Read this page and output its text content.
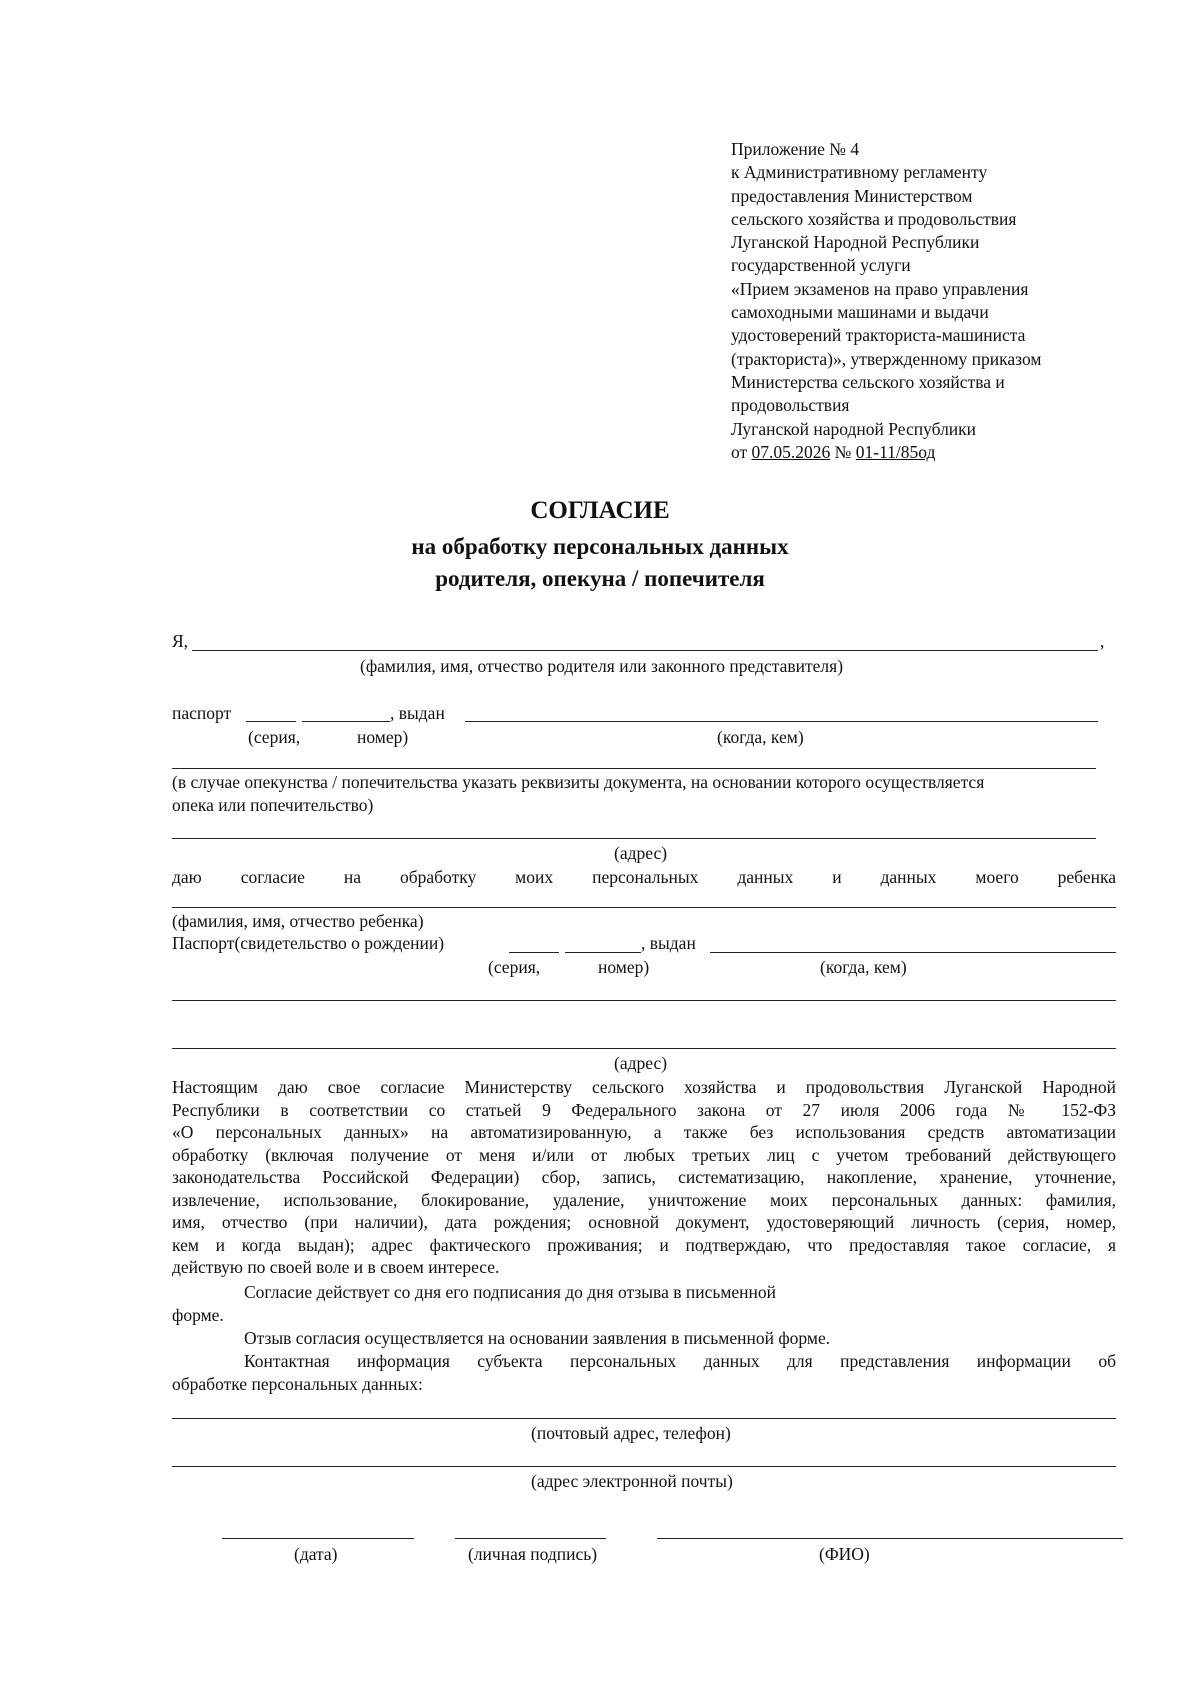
Приложение № 4
к Административному регламенту
предоставления Министерством
сельского хозяйства и продовольствия
Луганской Народной Республики
государственной услуги
«Прием экзаменов на право управления
самоходными машинами и выдачи
удостоверений тракториста-машиниста
(тракториста)», утвержденному приказом
Министерства сельского хозяйства и
продовольствия
Луганской народной Республики
от 07.05.2026 № 01-11/85од
СОГЛАСИЕ
на обработку персональных данных
родителя, опекуна / попечителя
Я,	,
(фамилия, имя, отчество родителя или законного представителя)
паспорт	, выдан
(серия,	номер)	(когда, кем)
(в случае опекунства / попечительства указать реквизиты документа, на основании которого осуществляется
опека или попечительство)
(адрес)
даю согласие на обработку моих персональных данных и данных моего ребенка
(фамилия, имя, отчество ребенка)
Паспорт(свидетельство о рождении)	, выдан
(серия,	номер)	(когда, кем)
(адрес)
Настоящим даю свое согласие Министерству сельского хозяйства и продовольствия Луганской Народной
Республики в соответствии со статьей 9 Федерального закона от 27 июля 2006 года № 152-ФЗ
«О персональных данных» на автоматизированную, а также без использования средств автоматизации
обработку (включая получение от меня и/или от любых третьих лиц с учетом требований действующего
законодательства Российской Федерации) сбор, запись, систематизацию, накопление, хранение, уточнение,
извлечение, использование, блокирование, удаление, уничтожение моих персональных данных: фамилия,
имя, отчество (при наличии), дата рождения; основной документ, удостоверяющий личность (серия, номер,
кем и когда выдан); адрес фактического проживания; и подтверждаю, что предоставляя такое согласие, я
действую по своей воле и в своем интересе.
Согласие действует со дня его подписания до дня отзыва в письменной
форме.
Отзыв согласия осуществляется на основании заявления в письменной форме.
Контактная информация субъекта персональных данных для представления информации об
обработке персональных данных:
(почтовый адрес, телефон)
(адрес электронной почты)
(дата)	(личная подпись)	(ФИО)
